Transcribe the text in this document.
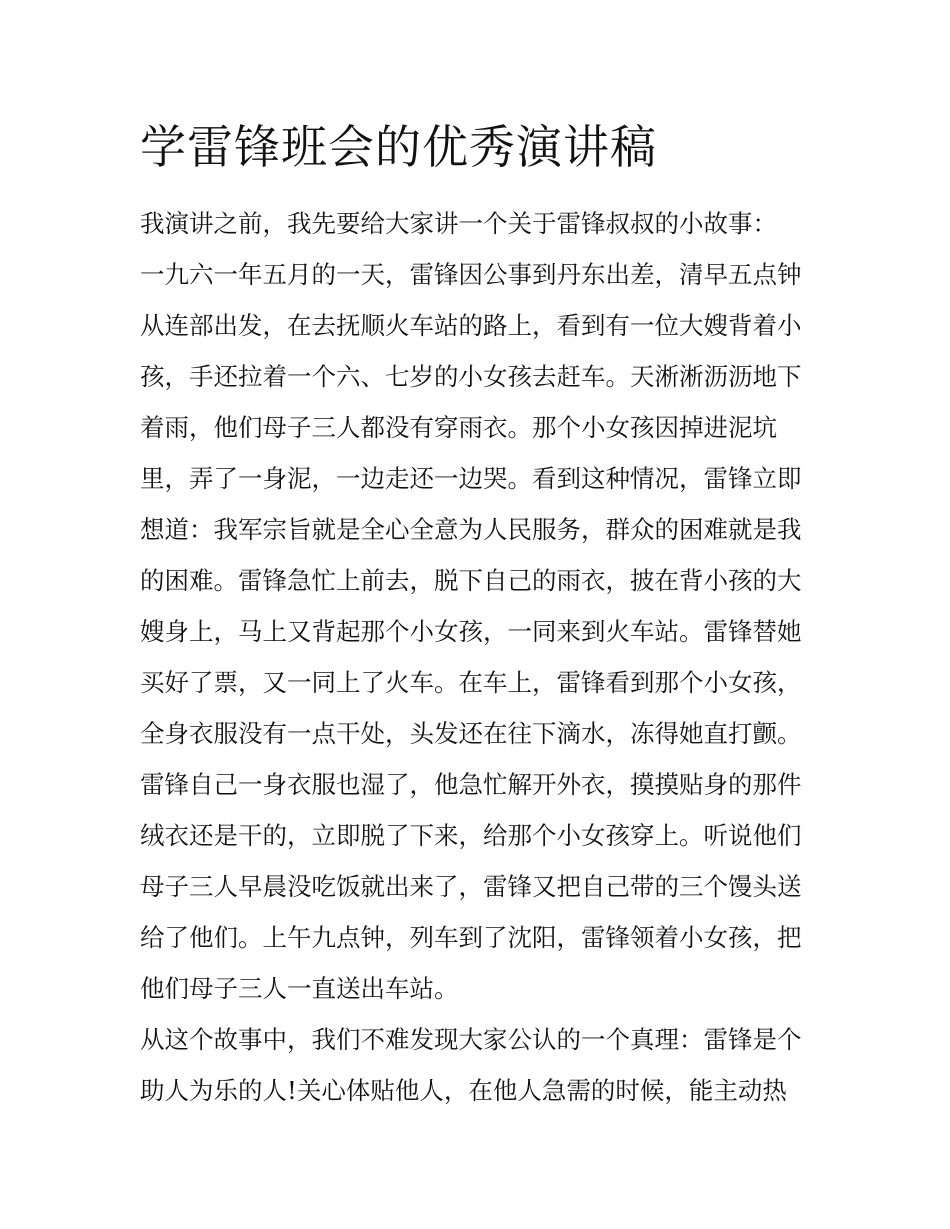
学雷锋班会的优秀演讲稿
我演讲之前，我先要给大家讲一个关于雷锋叔叔的小故事：
一九六一年五月的一天，雷锋因公事到丹东出差，清早五点钟
从连部出发，在去抚顺火车站的路上，看到有一位大嫂背着小
孩，手还拉着一个六、七岁的小女孩去赶车。天淅淅沥沥地下
着雨，他们母子三人都没有穿雨衣。那个小女孩因掉进泥坑
里，弄了一身泥，一边走还一边哭。看到这种情况，雷锋立即
想道：我军宗旨就是全心全意为人民服务，群众的困难就是我
的困难。雷锋急忙上前去，脱下自己的雨衣，披在背小孩的大
嫂身上，马上又背起那个小女孩，一同来到火车站。雷锋替她
买好了票，又一同上了火车。在车上，雷锋看到那个小女孩，
全身衣服没有一点干处，头发还在往下滴水，冻得她直打颤。
雷锋自己一身衣服也湿了，他急忙解开外衣，摸摸贴身的那件
绒衣还是干的，立即脱了下来，给那个小女孩穿上。听说他们
母子三人早晨没吃饭就出来了，雷锋又把自己带的三个馒头送
给了他们。上午九点钟，列车到了沈阳，雷锋领着小女孩，把
他们母子三人一直送出车站。
从这个故事中，我们不难发现大家公认的一个真理：雷锋是个
助人为乐的人!关心体贴他人，在他人急需的时候，能主动热
